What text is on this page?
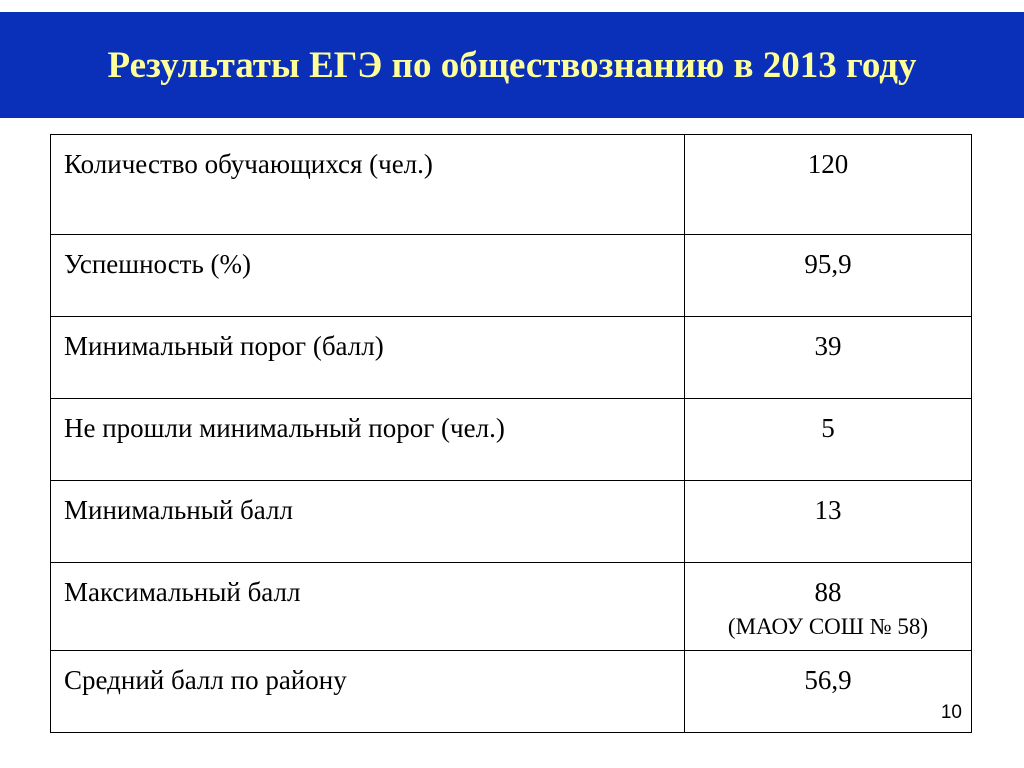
Результаты ЕГЭ по обществознанию в 2013 году
Количество обучающихся (чел.)	120
Успешность (%)	95,9
Минимальный порог (балл)	39
Не прошли минимальный порог (чел.)	5
Минимальный балл	13
Максимальный балл	88
(МАОУ СОШ № 58)

Средний балл по району	56,9
10
